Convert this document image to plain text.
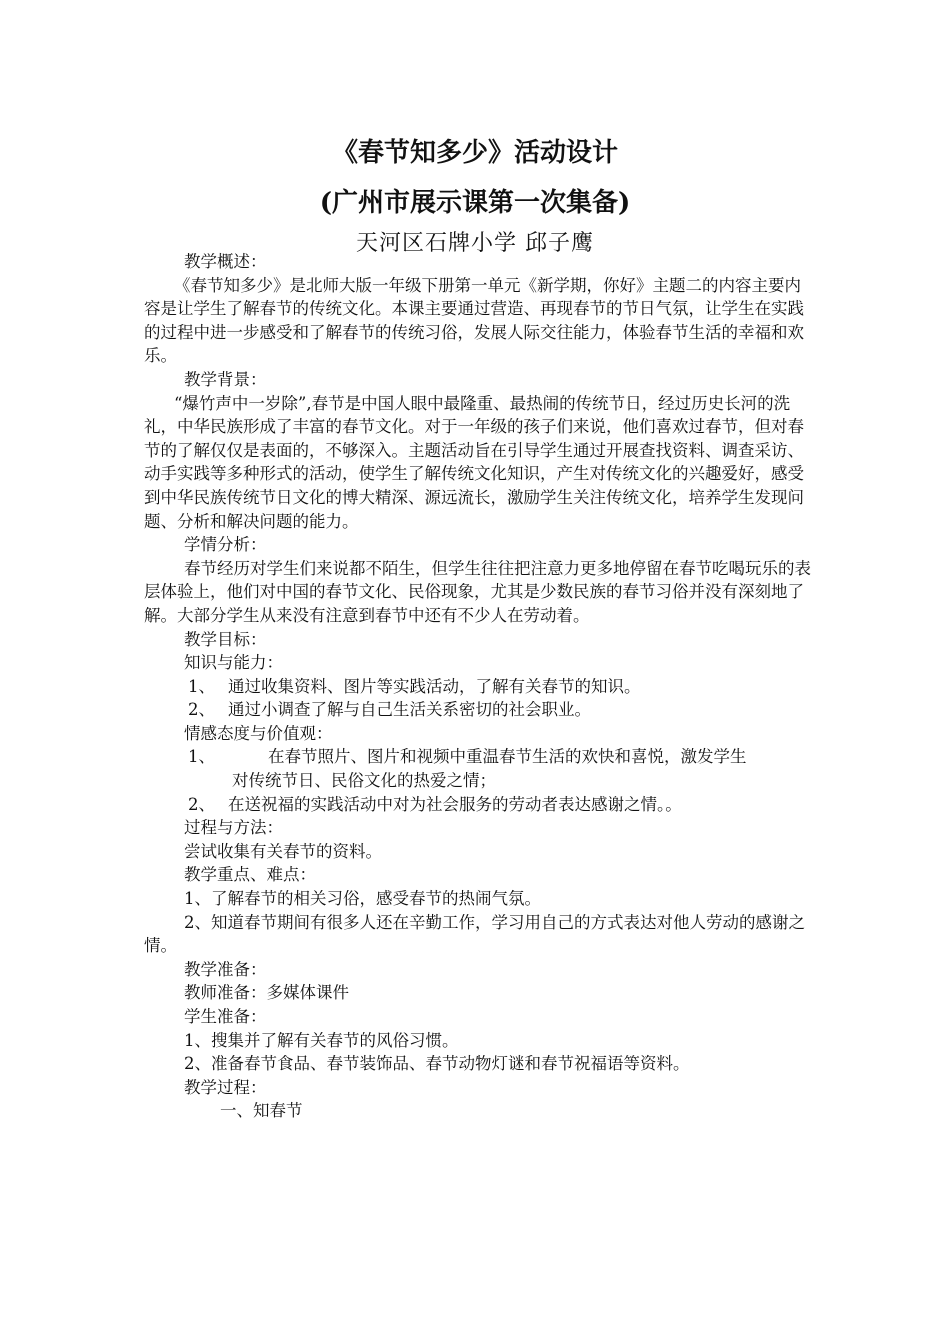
《春节知多少》活动设计
(广州市展示课第一次集备)
天河区石牌小学 邱子鹰

教学概述：

《春节知多少》是北师大版一年级下册第一单元《新学期，你好》主题二的内容主要内容是让学生了解春节的传统文化。本课主要通过营造、再现春节的节日气氛，让学生在实践的过程中进一步感受和了解春节的传统习俗，发展人际交往能力，体验春节生活的幸福和欢乐。

教学背景：

“爆竹声中一岁除”,春节是中国人眼中最隆重、最热闹的传统节日，经过历史长河的洗礼，中华民族形成了丰富的春节文化。对于一年级的孩子们来说，他们喜欢过春节，但对春节的了解仅仅是表面的，不够深入。主题活动旨在引导学生通过开展查找资料、调查采访、动手实践等多种形式的活动，使学生了解传统文化知识，产生对传统文化的兴趣爱好，感受到中华民族传统节日文化的博大精深、源远流长，激励学生关注传统文化，培养学生发现问题、分析和解决问题的能力。

学情分析：

春节经历对学生们来说都不陌生，但学生往往把注意力更多地停留在春节吃喝玩乐的表层体验上，他们对中国的春节文化、民俗现象，尤其是少数民族的春节习俗并没有深刻地了解。大部分学生从来没有注意到春节中还有不少人在劳动着。

教学目标：

知识与能力：

1、 通过收集资料、图片等实践活动，了解有关春节的知识。
2、 通过小调查了解与自己生活关系密切的社会职业。

情感态度与价值观：

1、	在春节照片、图片和视频中重温春节生活的欢快和喜悦，激发学生

对传统节日、民俗文化的热爱之情；

2、 在送祝福的实践活动中对为社会服务的劳动者表达感谢之情。。

过程与方法：

尝试收集有关春节的资料。

教学重点、难点：

1、了解春节的相关习俗，感受春节的热闹气氛。

2、知道春节期间有很多人还在辛勤工作，学习用自己的方式表达对他人劳动的感谢之情。

教学准备：

教师准备：多媒体课件

学生准备：

1、搜集并了解有关春节的风俗习惯。

2、准备春节食品、春节装饰品、春节动物灯谜和春节祝福语等资料。

教学过程：

一、知春节
